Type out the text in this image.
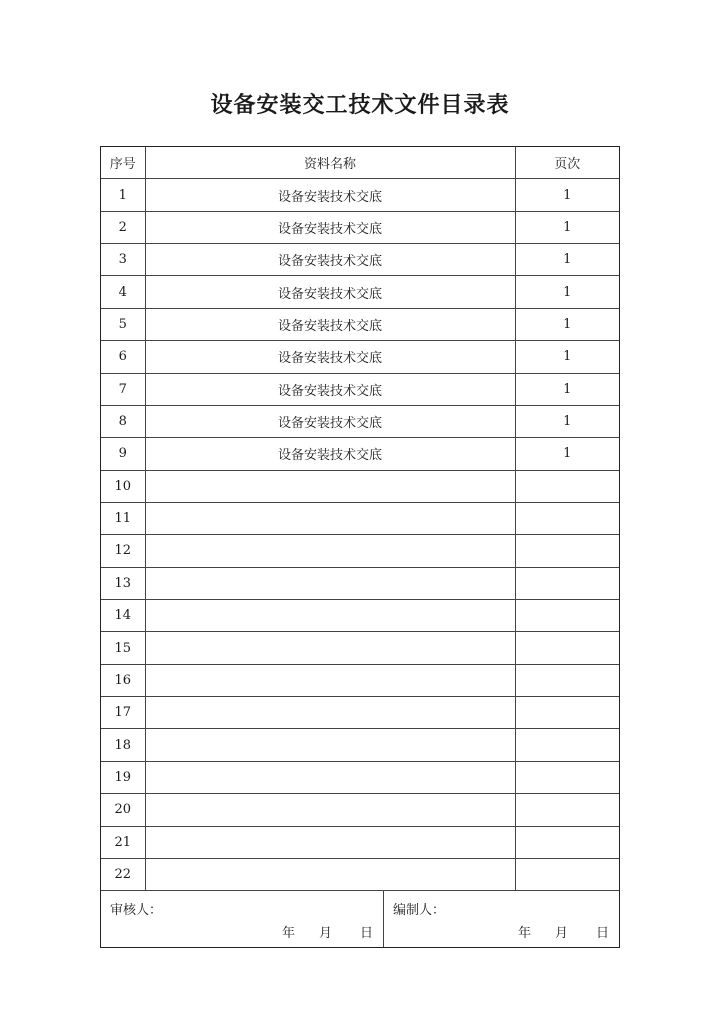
设备安装交工技术文件目录表
序号	资料名称	页次
1	设备安装技术交底	1
2	设备安装技术交底	1
3	设备安装技术交底	1
4	设备安装技术交底	1
5	设备安装技术交底	1
6	设备安装技术交底	1
7	设备安装技术交底	1
8	设备安装技术交底	1
9	设备安装技术交底	1
10		
11		
12		
13		
14		
15		
16		
17		
18		
19		
20		
21		
22		
审核人：
年 月 日
编制人：
年 月 日
